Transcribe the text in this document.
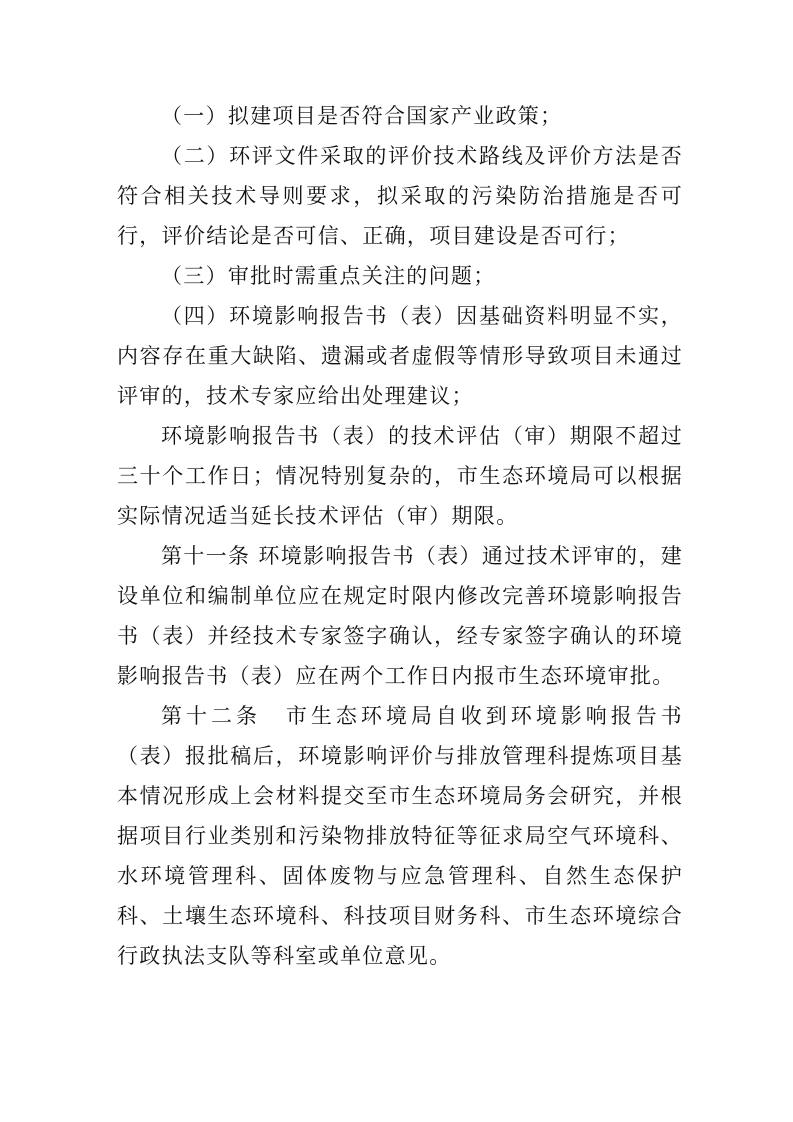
（一）拟建项目是否符合国家产业政策；

（二）环评文件采取的评价技术路线及评价方法是否符合相关技术导则要求，拟采取的污染防治措施是否可行，评价结论是否可信、正确，项目建设是否可行；

（三）审批时需重点关注的问题；

（四）环境影响报告书（表）因基础资料明显不实，内容存在重大缺陷、遗漏或者虚假等情形导致项目未通过评审的，技术专家应给出处理建议；

环境影响报告书（表）的技术评估（审）期限不超过三十个工作日；情况特别复杂的，市生态环境局可以根据实际情况适当延长技术评估（审）期限。

第十一条 环境影响报告书（表）通过技术评审的，建设单位和编制单位应在规定时限内修改完善环境影响报告书（表）并经技术专家签字确认，经专家签字确认的环境影响报告书（表）应在两个工作日内报市生态环境审批。

第十二条　市生态环境局自收到环境影响报告书（表）报批稿后，环境影响评价与排放管理科提炼项目基本情况形成上会材料提交至市生态环境局务会研究，并根据项目行业类别和污染物排放特征等征求局空气环境科、水环境管理科、固体废物与应急管理科、自然生态保护科、土壤生态环境科、科技项目财务科、市生态环境综合行政执法支队等科室或单位意见。
